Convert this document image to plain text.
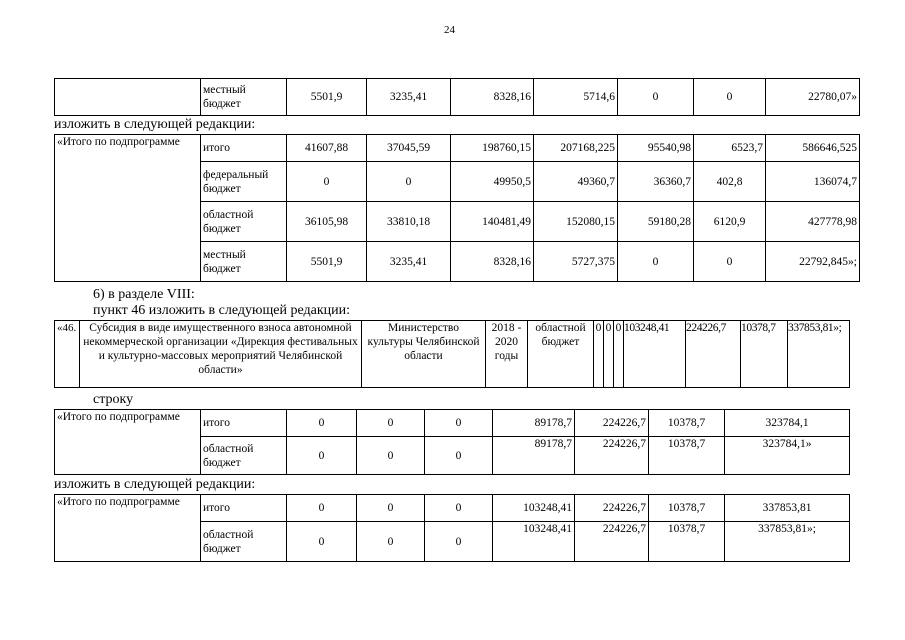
24
	местный бюджет	5501,9	3235,41	8328,16	5714,6	0	0	22780,07»
изложить в следующей редакции:
«Итого по подпрограмме	итого	41607,88	37045,59	198760,15	207168,225	95540,98	6523,7	586646,525
	федеральный бюджет	0	0	49950,5	49360,7	36360,7	402,8	136074,7
	областной бюджет	36105,98	33810,18	140481,49	152080,15	59180,28	6120,9	427778,98
	местный бюджет	5501,9	3235,41	8328,16	5727,375	0	0	22792,845»;
6) в разделе VIII:
пункт 46 изложить в следующей редакции:
«46.	Субсидия в виде имущественного взноса автономной некоммерческой организации «Дирекция фестивальных и культурно-массовых мероприятий Челябинской области»	Министерство культуры Челябинской области	2018 - 2020 годы	областной бюджет	0	0	0	103248,41	224226,7	10378,7	337853,81»;
строку
«Итого по подпрограмме	итого	0	0	0	89178,7	224226,7	10378,7	323784,1
	областной бюджет	0	0	0	89178,7	224226,7	10378,7	323784,1»
изложить в следующей редакции:
«Итого по подпрограмме	итого	0	0	0	103248,41	224226,7	10378,7	337853,81
	областной бюджет	0	0	0	103248,41	224226,7	10378,7	337853,81»;
